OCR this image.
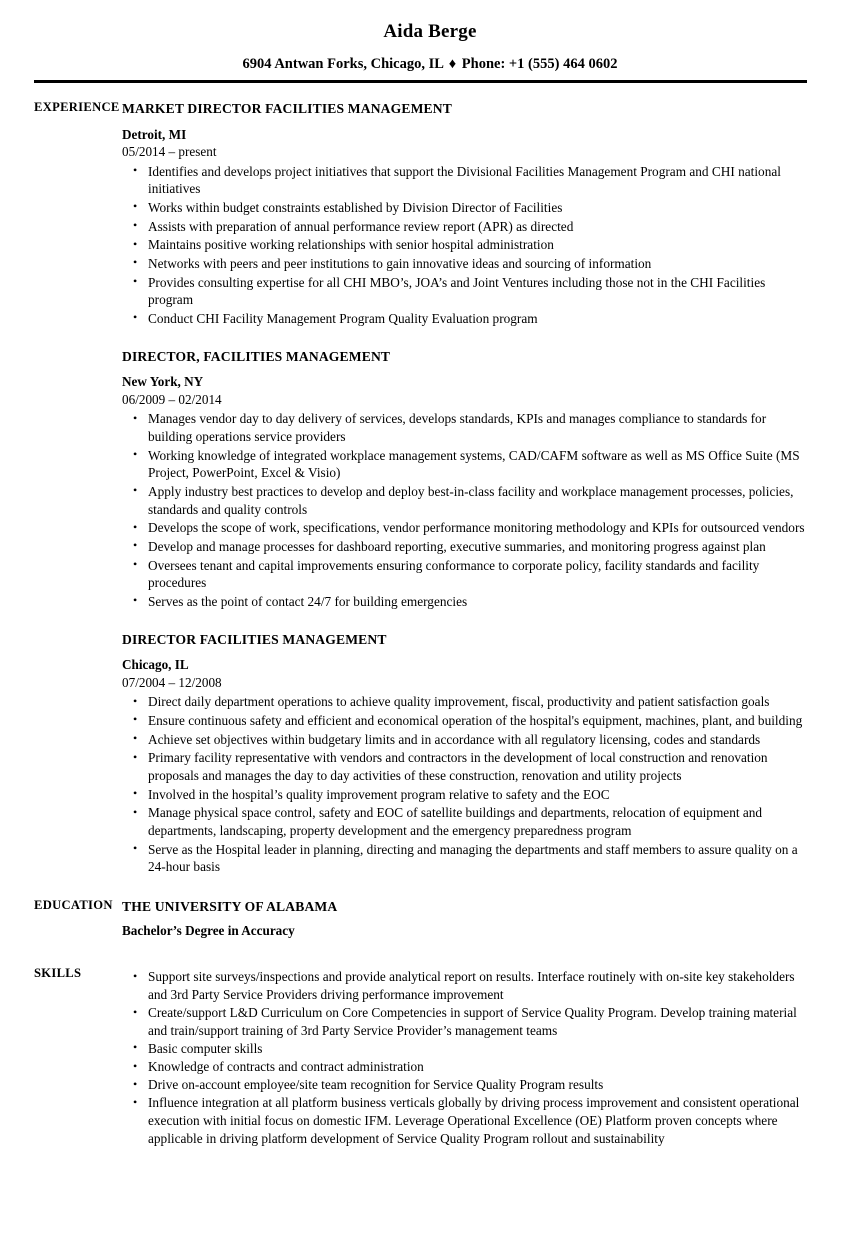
Aida Berge
6904 Antwan Forks, Chicago, IL ♦ Phone: +1 (555) 464 0602
EXPERIENCE MARKET DIRECTOR FACILITIES MANAGEMENT
Detroit, MI
05/2014 – present
• Identifies and develops project initiatives that support the Divisional Facilities Management Program and CHI national initiatives
• Works within budget constraints established by Division Director of Facilities
• Assists with preparation of annual performance review report (APR) as directed
• Maintains positive working relationships with senior hospital administration
• Networks with peers and peer institutions to gain innovative ideas and sourcing of information
• Provides consulting expertise for all CHI MBO’s, JOA’s and Joint Ventures including those not in the CHI Facilities program
• Conduct CHI Facility Management Program Quality Evaluation program
DIRECTOR, FACILITIES MANAGEMENT
New York, NY
06/2009 – 02/2014
• Manages vendor day to day delivery of services, develops standards, KPIs and manages compliance to standards for building operations service providers
• Working knowledge of integrated workplace management systems, CAD/CAFM software as well as MS Office Suite (MS Project, PowerPoint, Excel & Visio)
• Apply industry best practices to develop and deploy best-in-class facility and workplace management processes, policies, standards and quality controls
• Develops the scope of work, specifications, vendor performance monitoring methodology and KPIs for outsourced vendors
• Develop and manage processes for dashboard reporting, executive summaries, and monitoring progress against plan
• Oversees tenant and capital improvements ensuring conformance to corporate policy, facility standards and facility procedures
• Serves as the point of contact 24/7 for building emergencies
DIRECTOR FACILITIES MANAGEMENT
Chicago, IL
07/2004 – 12/2008
• Direct daily department operations to achieve quality improvement, fiscal, productivity and patient satisfaction goals
• Ensure continuous safety and efficient and economical operation of the hospital's equipment, machines, plant, and building
• Achieve set objectives within budgetary limits and in accordance with all regulatory licensing, codes and standards
• Primary facility representative with vendors and contractors in the development of local construction and renovation proposals and manages the day to day activities of these construction, renovation and utility projects
• Involved in the hospital’s quality improvement program relative to safety and the EOC
• Manage physical space control, safety and EOC of satellite buildings and departments, relocation of equipment and departments, landscaping, property development and the emergency preparedness program
• Serve as the Hospital leader in planning, directing and managing the departments and staff members to assure quality on a 24-hour basis
EDUCATION THE UNIVERSITY OF ALABAMA
Bachelor’s Degree in Accuracy
SKILLS	• Support site surveys/inspections and provide analytical report on results. Interface routinely with on-site key stakeholders and 3rd Party Service Providers driving performance improvement
• Create/support L&D Curriculum on Core Competencies in support of Service Quality Program. Develop training material and train/support training of 3rd Party Service Provider’s management teams
• Basic computer skills
• Knowledge of contracts and contract administration
• Drive on-account employee/site team recognition for Service Quality Program results
• Influence integration at all platform business verticals globally by driving process improvement and consistent operational execution with initial focus on domestic IFM. Leverage Operational Excellence (OE) Platform proven concepts where applicable in driving platform development of Service Quality Program rollout and sustainability
